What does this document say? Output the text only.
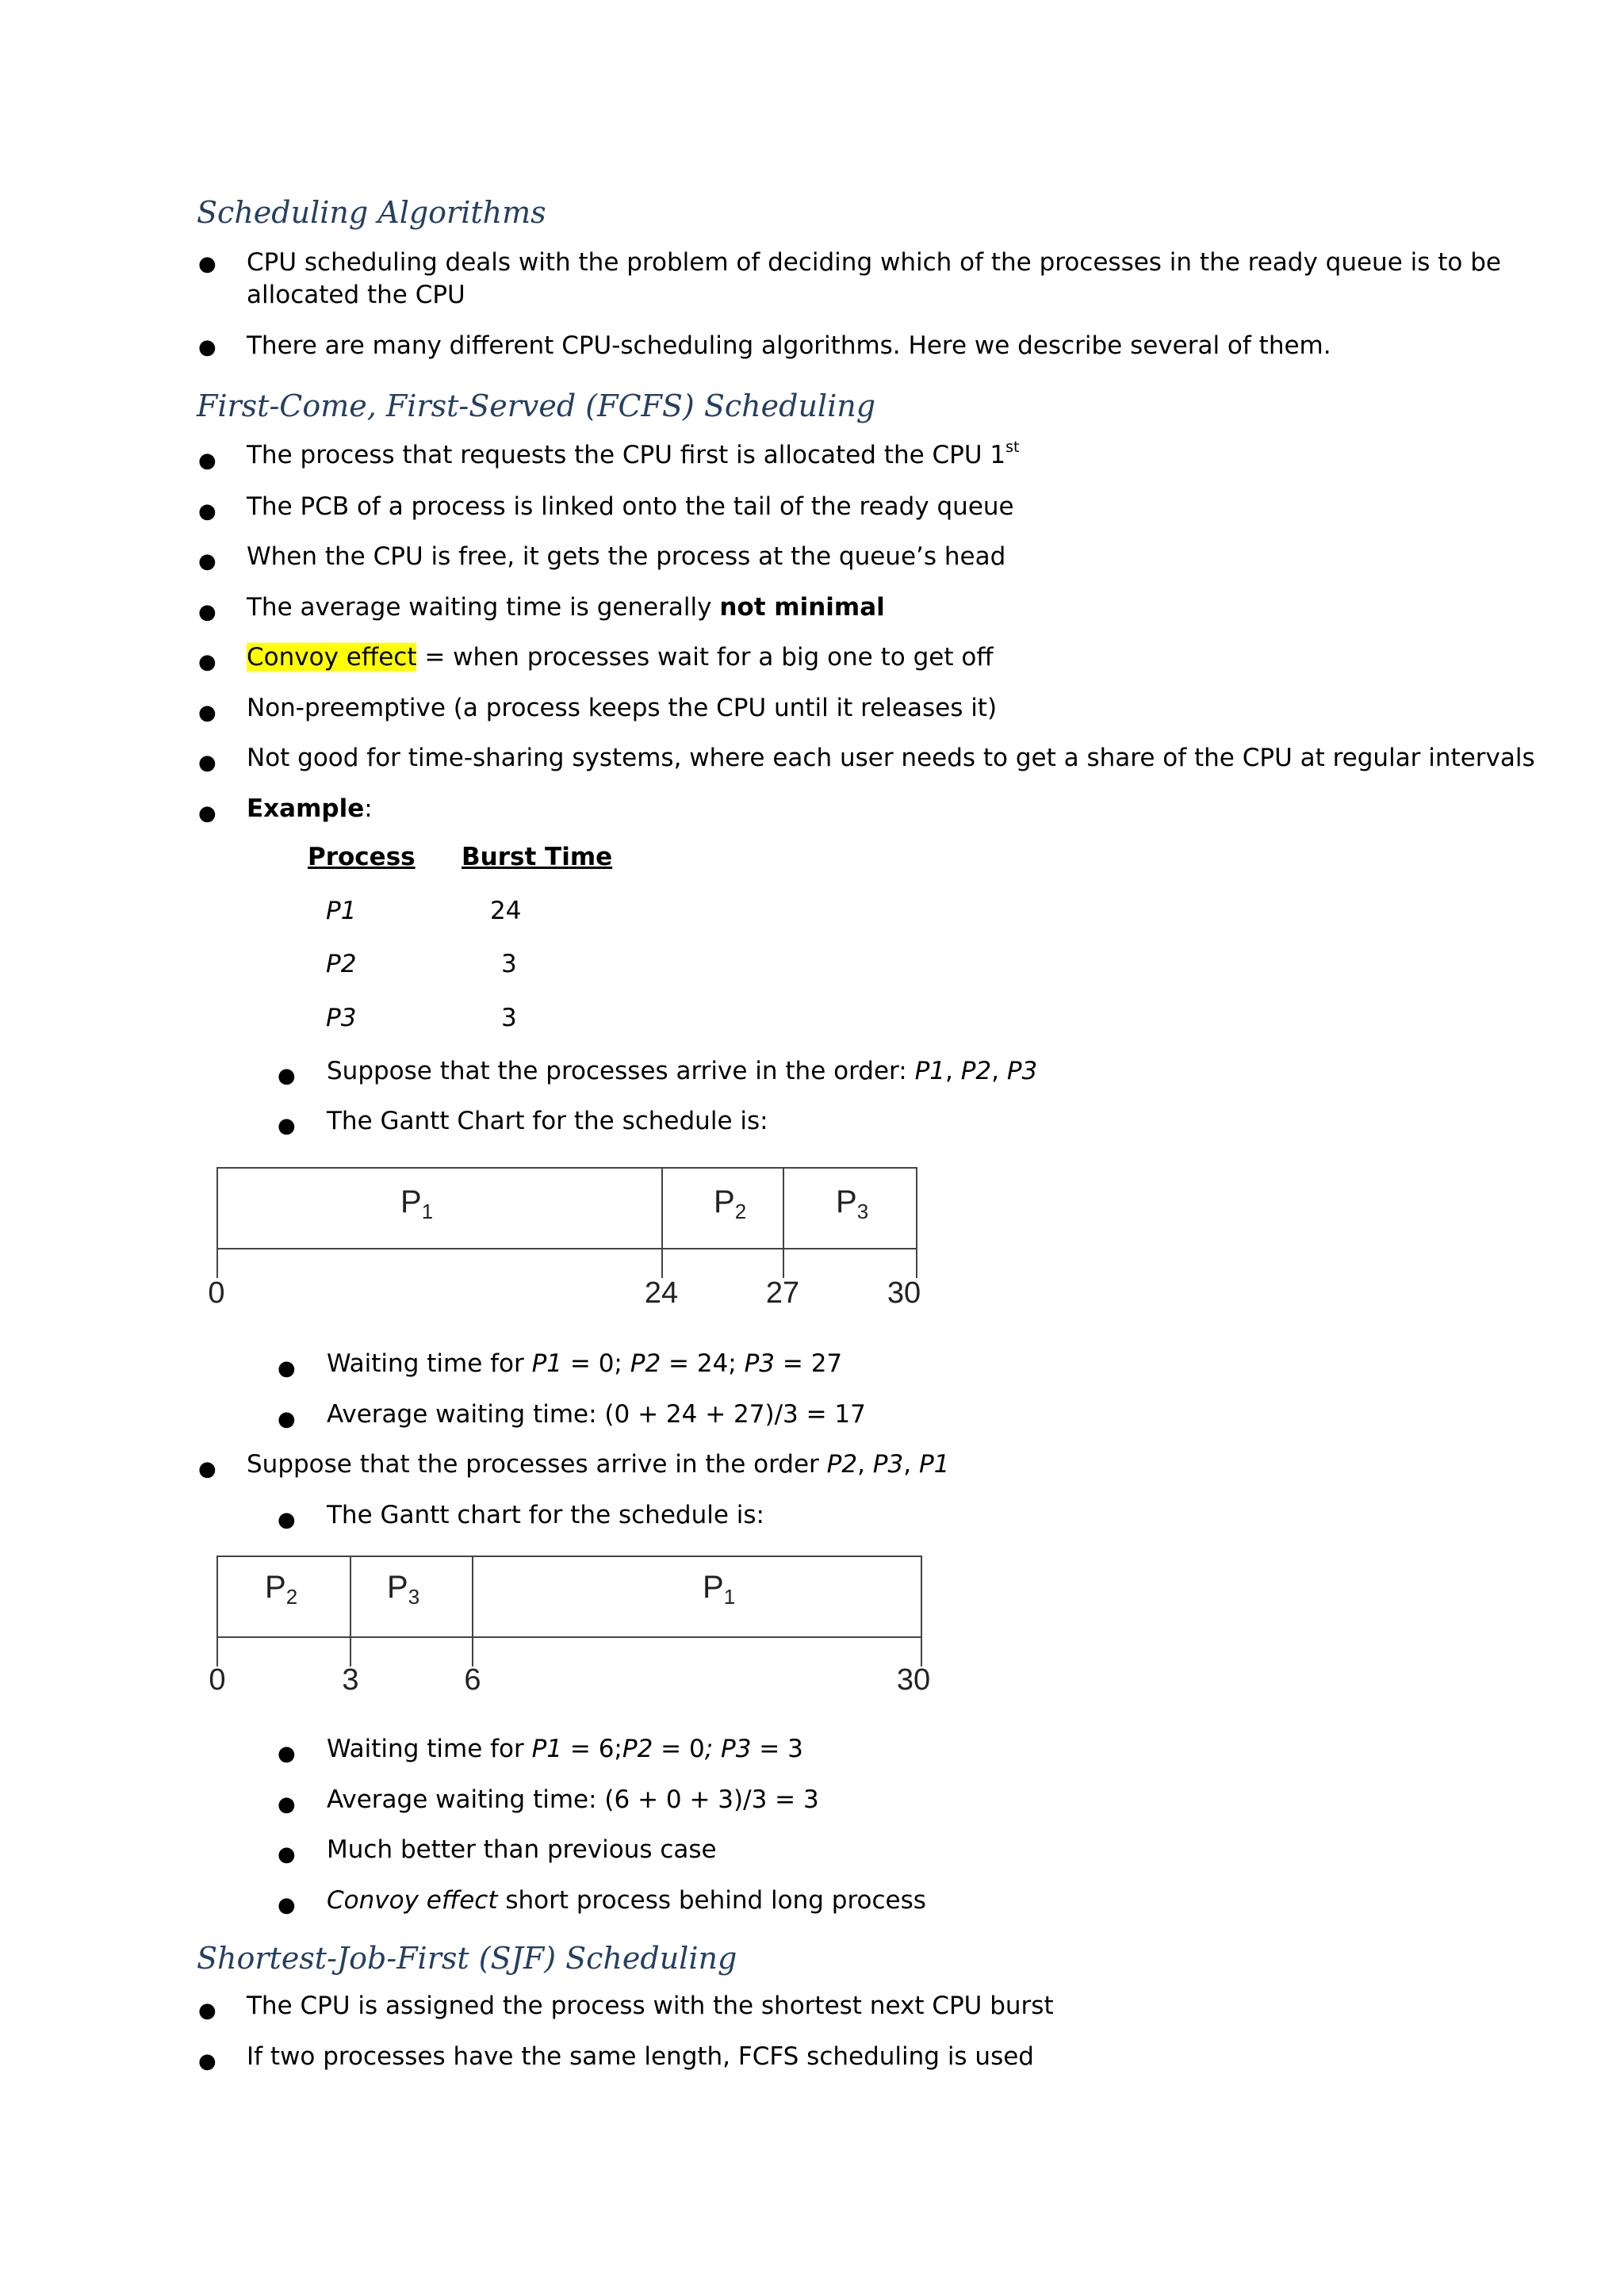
Scheduling Algorithms
● CPU scheduling deals with the problem of deciding which of the processes in the ready queue is to be
allocated the CPU
● There are many different CPU-scheduling algorithms. Here we describe several of them.
First-Come, First-Served (FCFS) Scheduling
● The process that requests the CPU first is allocated the CPU 1st
● The PCB of a process is linked onto the tail of the ready queue
● When the CPU is free, it gets the process at the queue’s head
● The average waiting time is generally not minimal
● Convoy effect = when processes wait for a big one to get off
● Non-preemptive (a process keeps the CPU until it releases it)
● Not good for time-sharing systems, where each user needs to get a share of the CPU at regular intervals
● Example:
Process Burst Time
P1	24
P2	3
P3	3
● Suppose that the processes arrive in the order: P1, P2, P3
● The Gantt Chart for the schedule is:
$P_1$	$P_2$	$P_3$
0	24	27	30
● Waiting time for P1 = 0; P2 = 24; P3 = 27
● Average waiting time: (0 + 24 + 27)/3 = 17
● Suppose that the processes arrive in the order P2, P3, P1
● The Gantt chart for the schedule is:
$P_2$	$P_3$	$P_1$
0	3	6	30
● Waiting time for P1 = 6;P2 = 0; P3 = 3
● Average waiting time: (6 + 0 + 3)/3 = 3
● Much better than previous case
● Convoy effect short process behind long process
Shortest-Job-First (SJF) Scheduling
● The CPU is assigned the process with the shortest next CPU burst
● If two processes have the same length, FCFS scheduling is used
